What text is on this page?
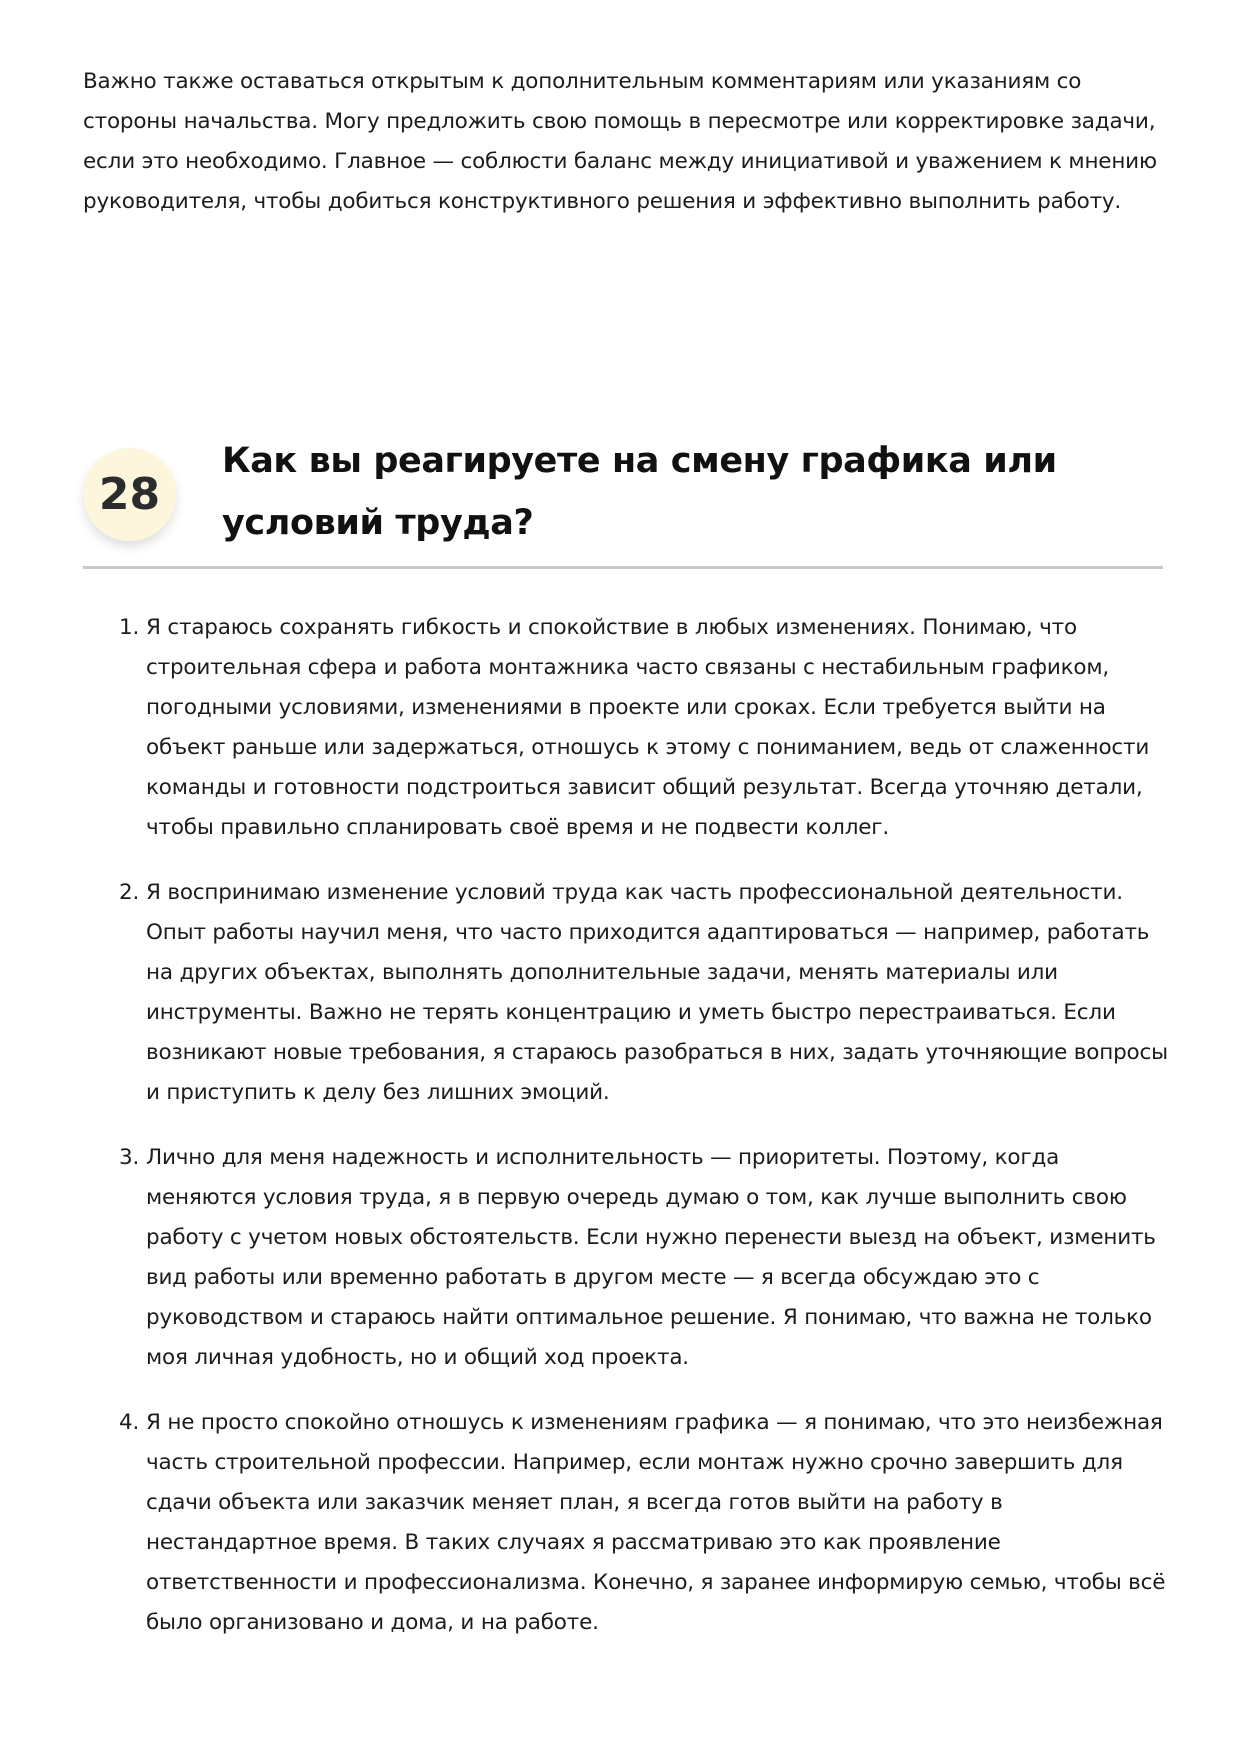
Важно также оставаться открытым к дополнительным комментариям или указаниям со стороны начальства. Могу предложить свою помощь в пересмотре или корректировке задачи, если это необходимо. Главное — соблюсти баланс между инициативой и уважением к мнению руководителя, чтобы добиться конструктивного решения и эффективно выполнить работу.

28
Как вы реагируете на смену графика или условий труда?
1. Я стараюсь сохранять гибкость и спокойствие в любых изменениях. Понимаю, что строительная сфера и работа монтажника часто связаны с нестабильным графиком, погодными условиями, изменениями в проекте или сроках. Если требуется выйти на объект раньше или задержаться, отношусь к этому с пониманием, ведь от слаженности команды и готовности подстроиться зависит общий результат. Всегда уточняю детали, чтобы правильно спланировать своё время и не подвести коллег.
2. Я воспринимаю изменение условий труда как часть профессиональной деятельности. Опыт работы научил меня, что часто приходится адаптироваться — например, работать на других объектах, выполнять дополнительные задачи, менять материалы или инструменты. Важно не терять концентрацию и уметь быстро перестраиваться. Если возникают новые требования, я стараюсь разобраться в них, задать уточняющие вопросы и приступить к делу без лишних эмоций.
3. Лично для меня надежность и исполнительность — приоритеты. Поэтому, когда меняются условия труда, я в первую очередь думаю о том, как лучше выполнить свою работу с учетом новых обстоятельств. Если нужно перенести выезд на объект, изменить вид работы или временно работать в другом месте — я всегда обсуждаю это с руководством и стараюсь найти оптимальное решение. Я понимаю, что важна не только моя личная удобность, но и общий ход проекта.
4. Я не просто спокойно отношусь к изменениям графика — я понимаю, что это неизбежная часть строительной профессии. Например, если монтаж нужно срочно завершить для сдачи объекта или заказчик меняет план, я всегда готов выйти на работу в нестандартное время. В таких случаях я рассматриваю это как проявление ответственности и профессионализма. Конечно, я заранее информирую семью, чтобы всё было организовано и дома, и на работе.
